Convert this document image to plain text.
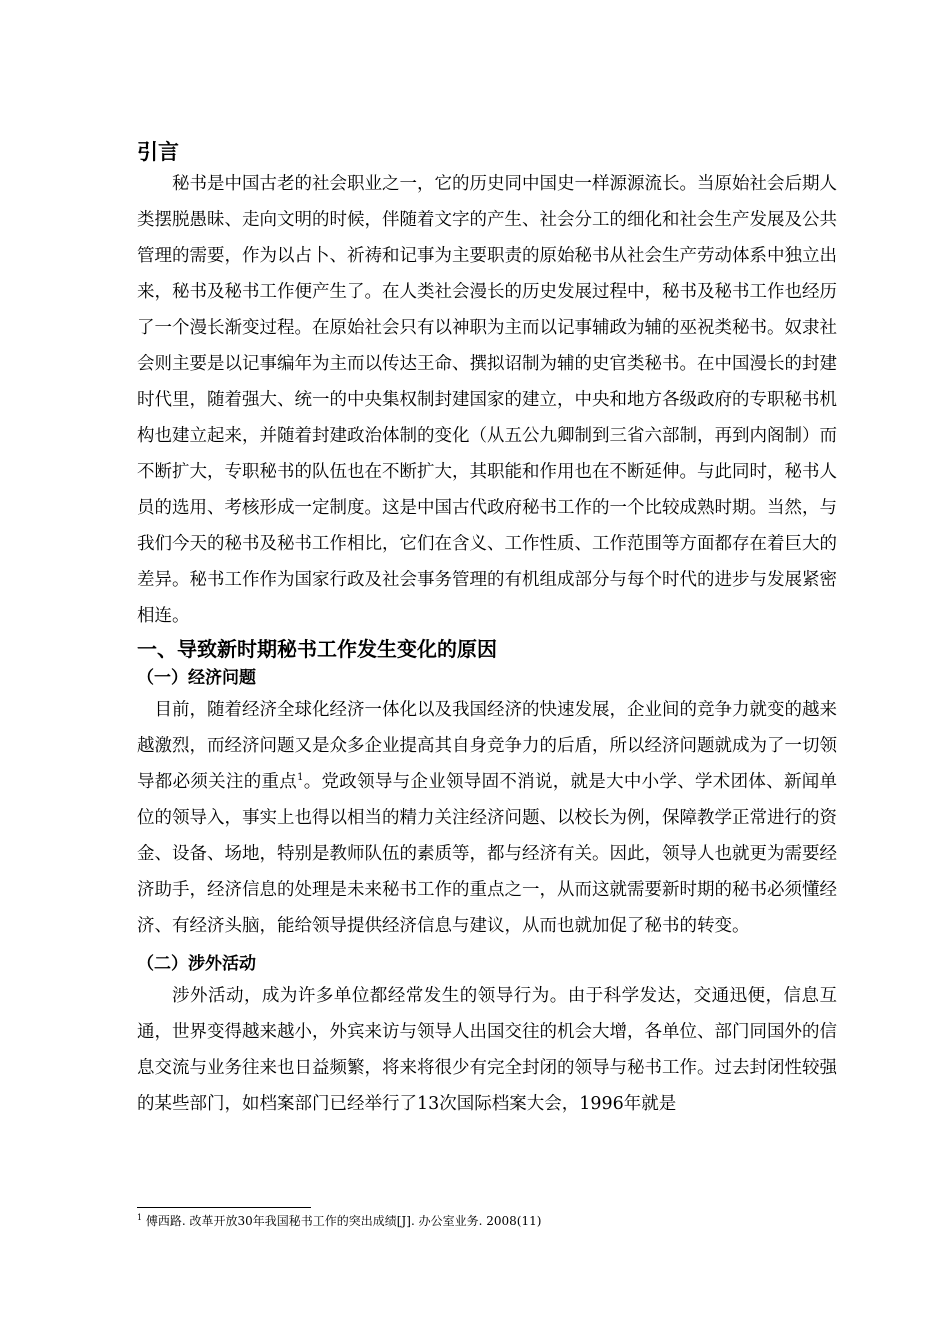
引言

秘书是中国古老的社会职业之一，它的历史同中国史一样源源流长。当原始社会后期人类摆脱愚昧、走向文明的时候，伴随着文字的产生、社会分工的细化和社会生产发展及公共管理的需要，作为以占卜、祈祷和记事为主要职责的原始秘书从社会生产劳动体系中独立出来，秘书及秘书工作便产生了。在人类社会漫长的历史发展过程中，秘书及秘书工作也经历了一个漫长渐变过程。在原始社会只有以神职为主而以记事辅政为辅的巫祝类秘书。奴隶社会则主要是以记事编年为主而以传达王命、撰拟诏制为辅的史官类秘书。在中国漫长的封建时代里，随着强大、统一的中央集权制封建国家的建立，中央和地方各级政府的专职秘书机构也建立起来，并随着封建政治体制的变化（从五公九卿制到三省六部制，再到内阁制）而不断扩大，专职秘书的队伍也在不断扩大，其职能和作用也在不断延伸。与此同时，秘书人员的选用、考核形成一定制度。这是中国古代政府秘书工作的一个比较成熟时期。当然，与我们今天的秘书及秘书工作相比，它们在含义、工作性质、工作范围等方面都存在着巨大的差异。秘书工作作为国家行政及社会事务管理的有机组成部分与每个时代的进步与发展紧密相连。

一、导致新时期秘书工作发生变化的原因
（一）经济问题

目前，随着经济全球化经济一体化以及我国经济的快速发展，企业间的竞争力就变的越来越激烈，而经济问题又是众多企业提高其自身竞争力的后盾，所以经济问题就成为了一切领导都必须关注的重点$^1$。党政领导与企业领导固不消说，就是大中小学、学术团体、新闻单位的领导入，事实上也得以相当的精力关注经济问题、以校长为例，保障教学正常进行的资金、设备、场地，特别是教师队伍的素质等，都与经济有关。因此，领导人也就更为需要经济助手，经济信息的处理是未来秘书工作的重点之一，从而这就需要新时期的秘书必须懂经济、有经济头脑，能给领导提供经济信息与建议，从而也就加促了秘书的转变。

（二）涉外活动

涉外活动，成为许多单位都经常发生的领导行为。由于科学发达，交通迅便，信息互通，世界变得越来越小，外宾来访与领导人出国交往的机会大增，各单位、部门同国外的信息交流与业务往来也日益频繁，将来将很少有完全封闭的领导与秘书工作。过去封闭性较强的某些部门，如档案部门已经举行了13次国际档案大会，1996年就是

$^1$ 傅西路. 改革开放30年我国秘书工作的突出成绩[J]. 办公室业务. 2008(11)
